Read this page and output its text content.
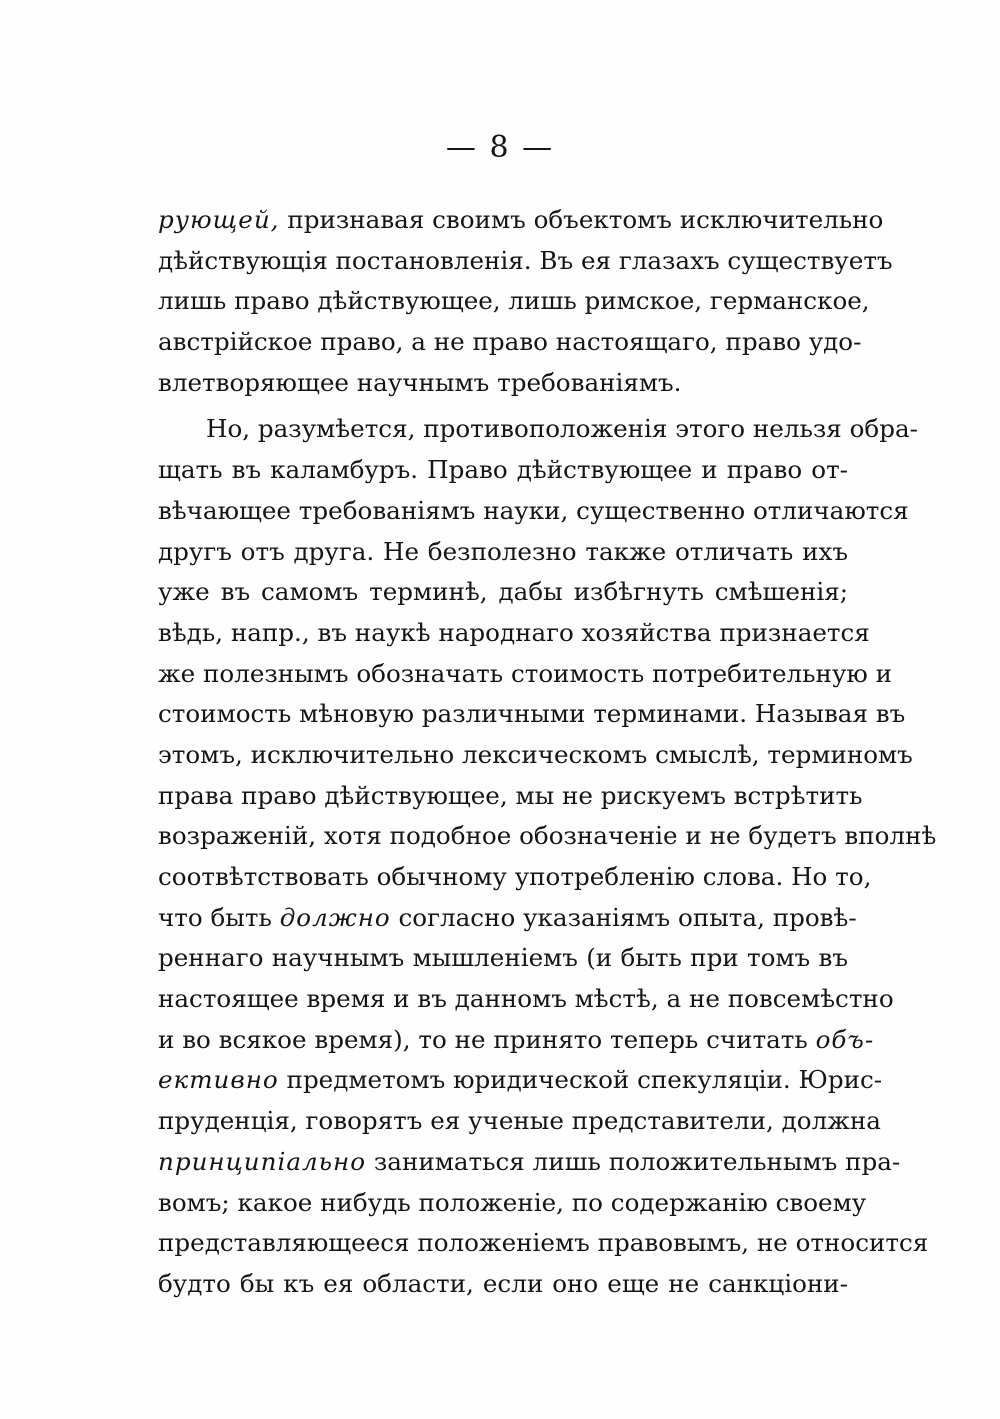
— 8 —
рующей, признавая своимъ объектомъ исключительно
дѣйствующія постановленія. Въ ея глазахъ существуетъ
лишь право дѣйствующее, лишь римское, германское,
австрійское право, а не право настоящаго, право удо-
влетворяющее научнымъ требованіямъ.
Но, разумѣется, противоположенія этого нельзя обра-
щать въ каламбуръ. Право дѣйствующее и право от-
вѣчающее требованіямъ науки, существенно отличаются
другъ отъ друга. Не безполезно также отличать ихъ
уже въ самомъ терминѣ, дабы избѣгнуть смѣшенія;
вѣдь, напр., въ наукѣ народнаго хозяйства признается
же полезнымъ обозначать стоимость потребительную и
стоимость мѣновую различными терминами. Называя въ
этомъ, исключительно лексическомъ смыслѣ, терминомъ
права право дѣйствующее, мы не рискуемъ встрѣтить
возраженій, хотя подобное обозначеніе и не будетъ вполнѣ
соотвѣтствовать обычному употребленію слова. Но то,
что быть должно согласно указаніямъ опыта, провѣ-
реннаго научнымъ мышленіемъ (и быть при томъ въ
настоящее время и въ данномъ мѣстѣ, а не повсемѣстно
и во всякое время), то не принято теперь считать объ-
ективно предметомъ юридической спекуляціи. Юрис-
пруденція, говорятъ ея ученые представители, должна
принципіально заниматься лишь положительнымъ пра-
вомъ; какое нибудь положеніе, по содержанію своему
представляющееся положеніемъ правовымъ, не относится
будто бы къ ея области, если оно еще не санкціони-
